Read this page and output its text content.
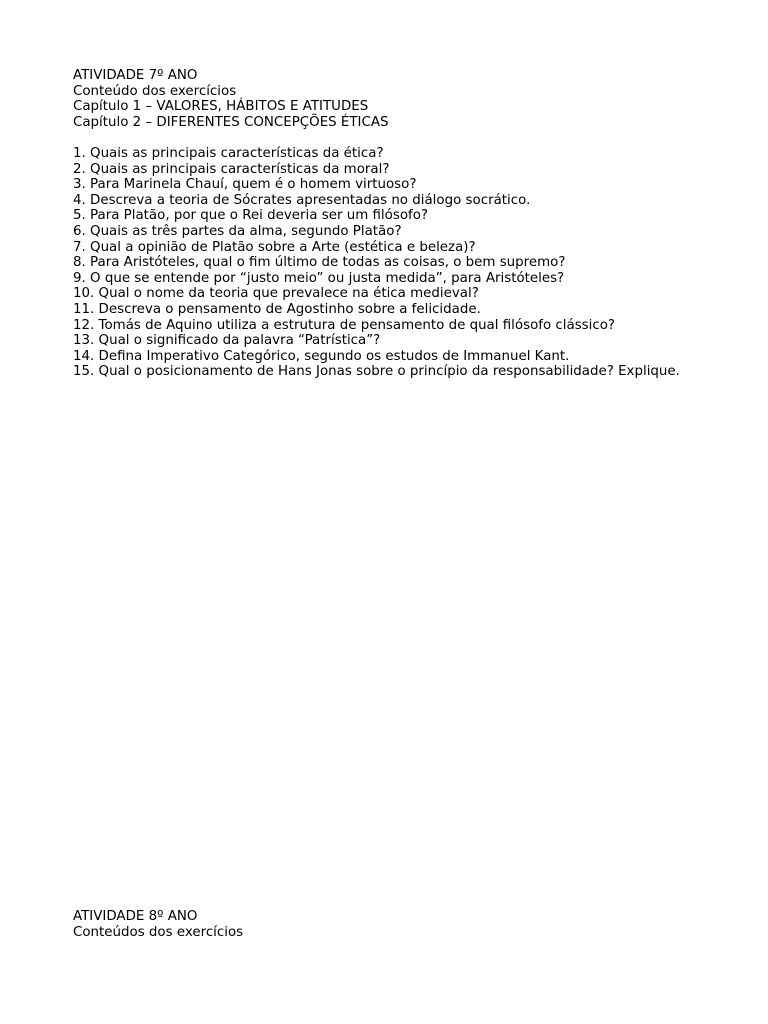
ATIVIDADE 7º ANO
Conteúdo dos exercícios
Capítulo 1 – VALORES, HÁBITOS E ATITUDES
Capítulo 2 – DIFERENTES CONCEPÇÕES ÉTICAS
1. Quais as principais características da ética?
2. Quais as principais características da moral?
3. Para Marinela Chauí, quem é o homem virtuoso?
4. Descreva a teoria de Sócrates apresentadas no diálogo socrático.
5. Para Platão, por que o Rei deveria ser um filósofo?
6. Quais as três partes da alma, segundo Platão?
7. Qual a opinião de Platão sobre a Arte (estética e beleza)?
8. Para Aristóteles, qual o fim último de todas as coisas, o bem supremo?
9. O que se entende por “justo meio” ou justa medida”, para Aristóteles?
10. Qual o nome da teoria que prevalece na ética medieval?
11. Descreva o pensamento de Agostinho sobre a felicidade.
12. Tomás de Aquino utiliza a estrutura de pensamento de qual filósofo clássico?
13. Qual o significado da palavra “Patrística”?
14. Defina Imperativo Categórico, segundo os estudos de Immanuel Kant.
15. Qual o posicionamento de Hans Jonas sobre o princípio da responsabilidade? Explique.
ATIVIDADE 8º ANO
Conteúdos dos exercícios
